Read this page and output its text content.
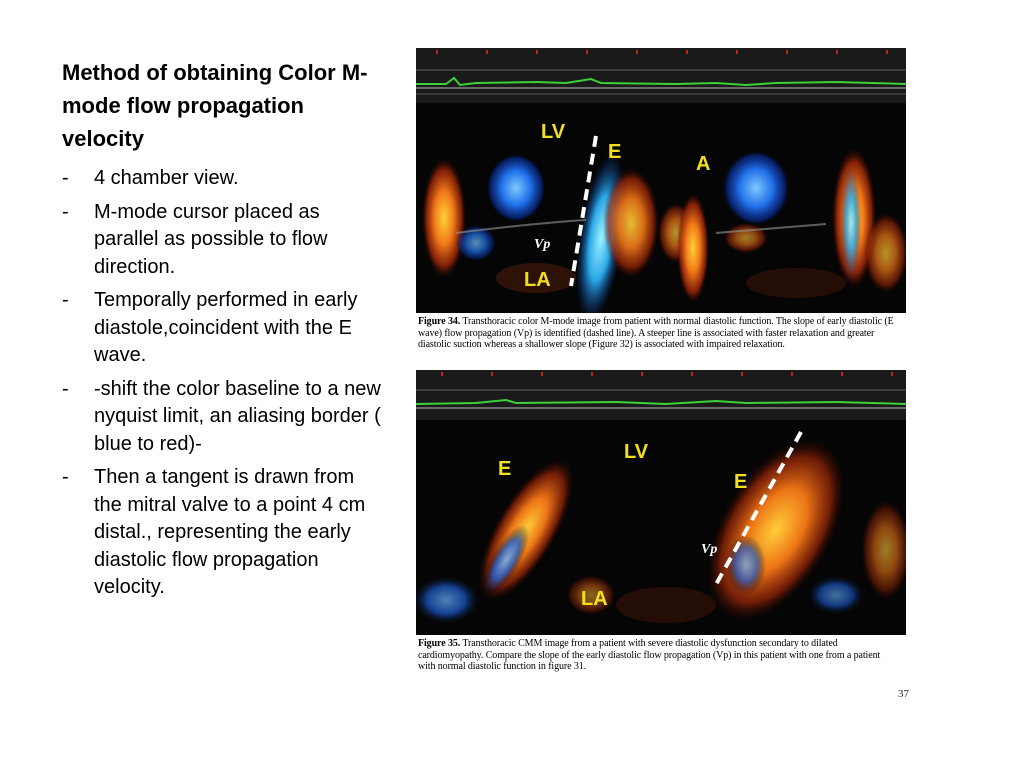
Method of obtaining Color M- mode flow propagation velocity
- 4 chamber view.
- M-mode cursor placed as parallel as possible to flow direction.
- Temporally performed in early diastole,coincident with the E wave.
- -shift the color baseline to a new nyquist limit, an aliasing border ( blue to red)-
- Then a tangent is drawn from the mitral valve to a point 4 cm distal., representing the early diastolic flow propagation velocity.
LV
E
A
Vp
LA
Figure 34. Transthoracic color M-mode image from patient with normal diastolic function. The slope of early diastolic (E wave) flow propagation (Vp) is identified (dashed line). A steeper line is associated with faster relaxation and greater diastolic suction whereas a shallower slope (Figure 32) is associated with impaired relaxation.
E
LV
E
Vp
LA
Figure 35. Transthoracic CMM image from a patient with severe diastolic dysfunction secondary to dilated cardiomyopathy. Compare the slope of the early diastolic flow propagation (Vp) in this patient with one from a patient with normal diastolic function in figure 31.
37
